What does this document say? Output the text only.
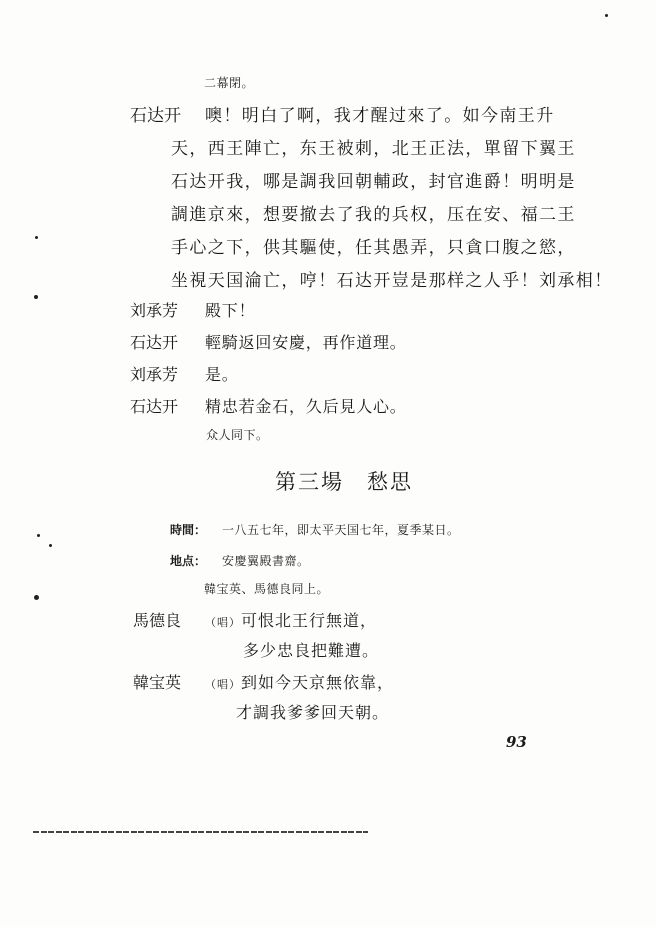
二幕閉。
石达开 噢！明白了啊，我才醒过來了。如今南王升
天，西王陣亡，东王被刺，北王正法，單留下翼王
石达开我，哪是調我回朝輔政，封官進爵！明明是
調進京來，想要撤去了我的兵权，压在安、福二王
手心之下，供其驅使，任其愚弄，只貪口腹之慾，
坐視天国淪亡，哼！石达开豈是那样之人乎！刘承相！
刘承芳 殿下！
石达开 輕騎返回安慶，再作道理。
刘承芳 是。
石达开 精忠若金石，久后見人心。
众人同下。
第三場　愁思
時間： 一八五七年，即太平天国七年，夏季某日。
地点： 安慶翼殿書齋。
韓宝英、馬德良同上。
馬德良 （唱）可恨北王行無道，
多少忠良把難遭。
韓宝英 （唱）到如今天京無依靠，
才調我爹爹回天朝。
93
